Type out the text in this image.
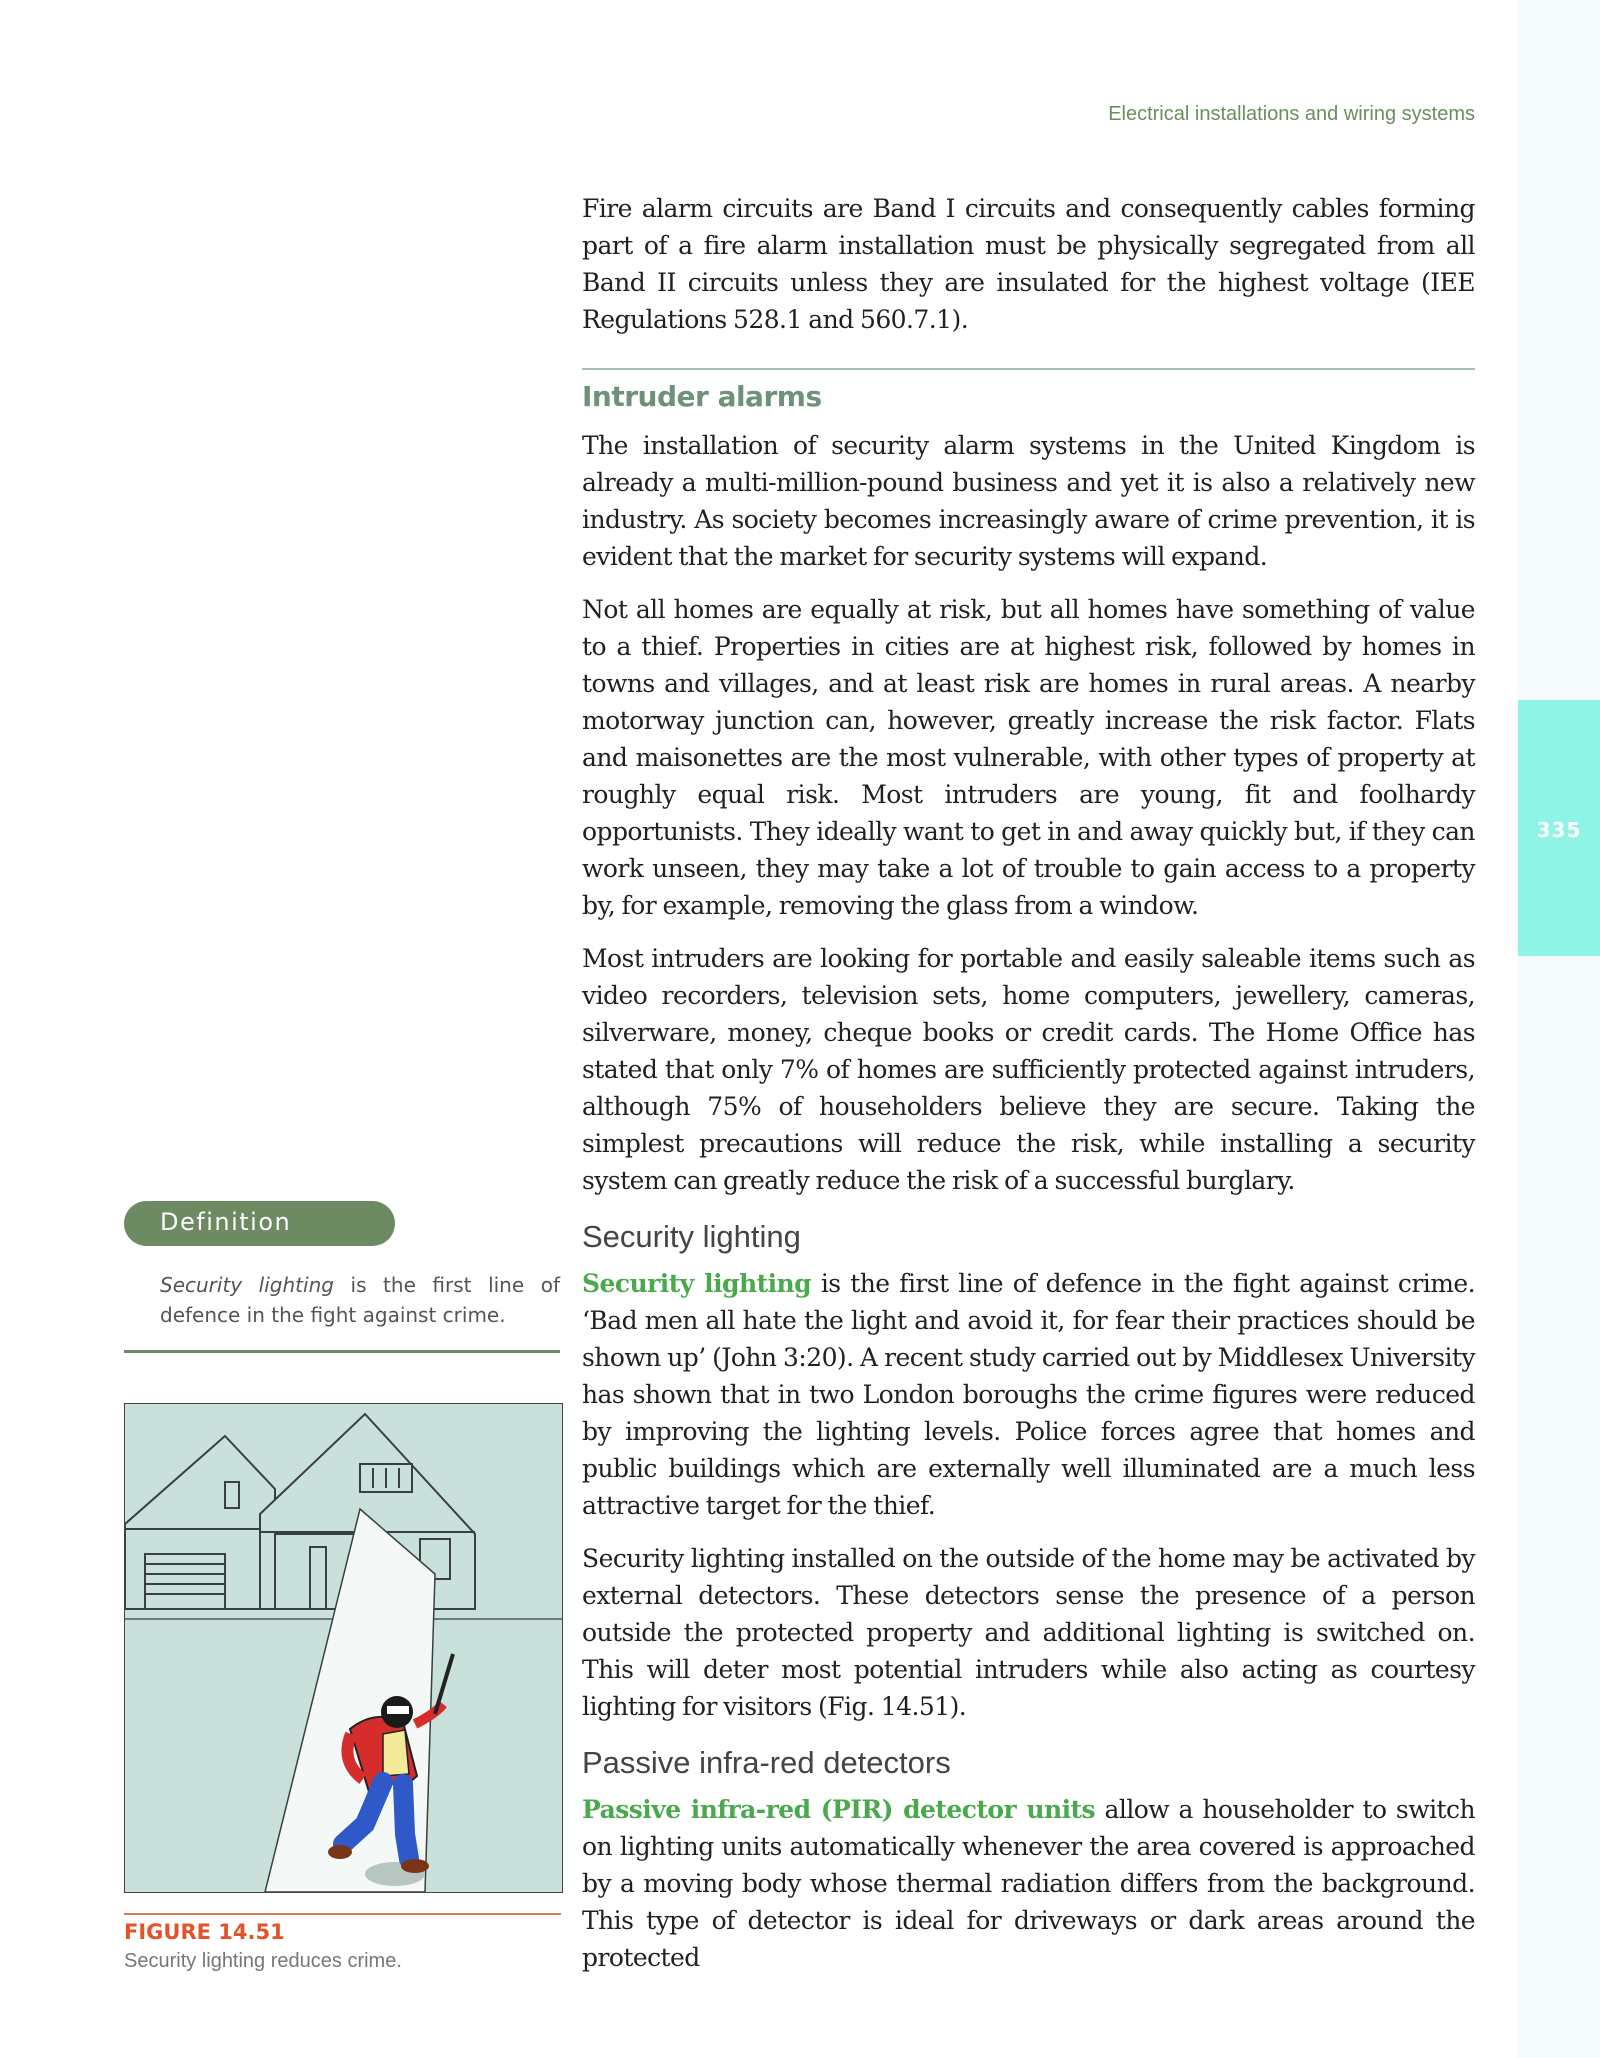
335
Electrical installations and wiring systems

Fire alarm circuits are Band I circuits and consequently cables forming part of a fire alarm installation must be physically segregated from all Band II circuits unless they are insulated for the highest voltage (IEE Regulations 528.1 and 560.7.1).

Intruder alarms

The installation of security alarm systems in the United Kingdom is already a multi-million-pound business and yet it is also a relatively new industry. As society becomes increasingly aware of crime prevention, it is evident that the market for security systems will expand.

Not all homes are equally at risk, but all homes have something of value to a thief. Properties in cities are at highest risk, followed by homes in towns and villages, and at least risk are homes in rural areas. A nearby motorway junction can, however, greatly increase the risk factor. Flats and maisonettes are the most vulnerable, with other types of property at roughly equal risk. Most intruders are young, fit and foolhardy opportunists. They ideally want to get in and away quickly but, if they can work unseen, they may take a lot of trouble to gain access to a property by, for example, removing the glass from a window.

Most intruders are looking for portable and easily saleable items such as video recorders, television sets, home computers, jewellery, cameras, silverware, money, cheque books or credit cards. The Home Office has stated that only 7% of homes are sufficiently protected against intruders, although 75% of householders believe they are secure. Taking the simplest precautions will reduce the risk, while installing a security system can greatly reduce the risk of a successful burglary.

Security lighting

Security lighting is the first line of defence in the fight against crime. ‘Bad men all hate the light and avoid it, for fear their practices should be shown up’ (John 3:20). A recent study carried out by Middlesex University has shown that in two London boroughs the crime figures were reduced by improving the lighting levels. Police forces agree that homes and public buildings which are externally well illuminated are a much less attractive target for the thief.

Security lighting installed on the outside of the home may be activated by external detectors. These detectors sense the presence of a person outside the protected property and additional lighting is switched on. This will deter most potential intruders while also acting as courtesy lighting for visitors (Fig. 14.51).

Passive infra-red detectors

Passive infra-red (PIR) detector units allow a householder to switch on lighting units automatically whenever the area covered is approached by a moving body whose thermal radiation differs from the background. This type of detector is ideal for driveways or dark areas around the protected

Definition
Security lighting is the first line of defence in the fight against crime.
FIGURE 14.51
Security lighting reduces crime.
